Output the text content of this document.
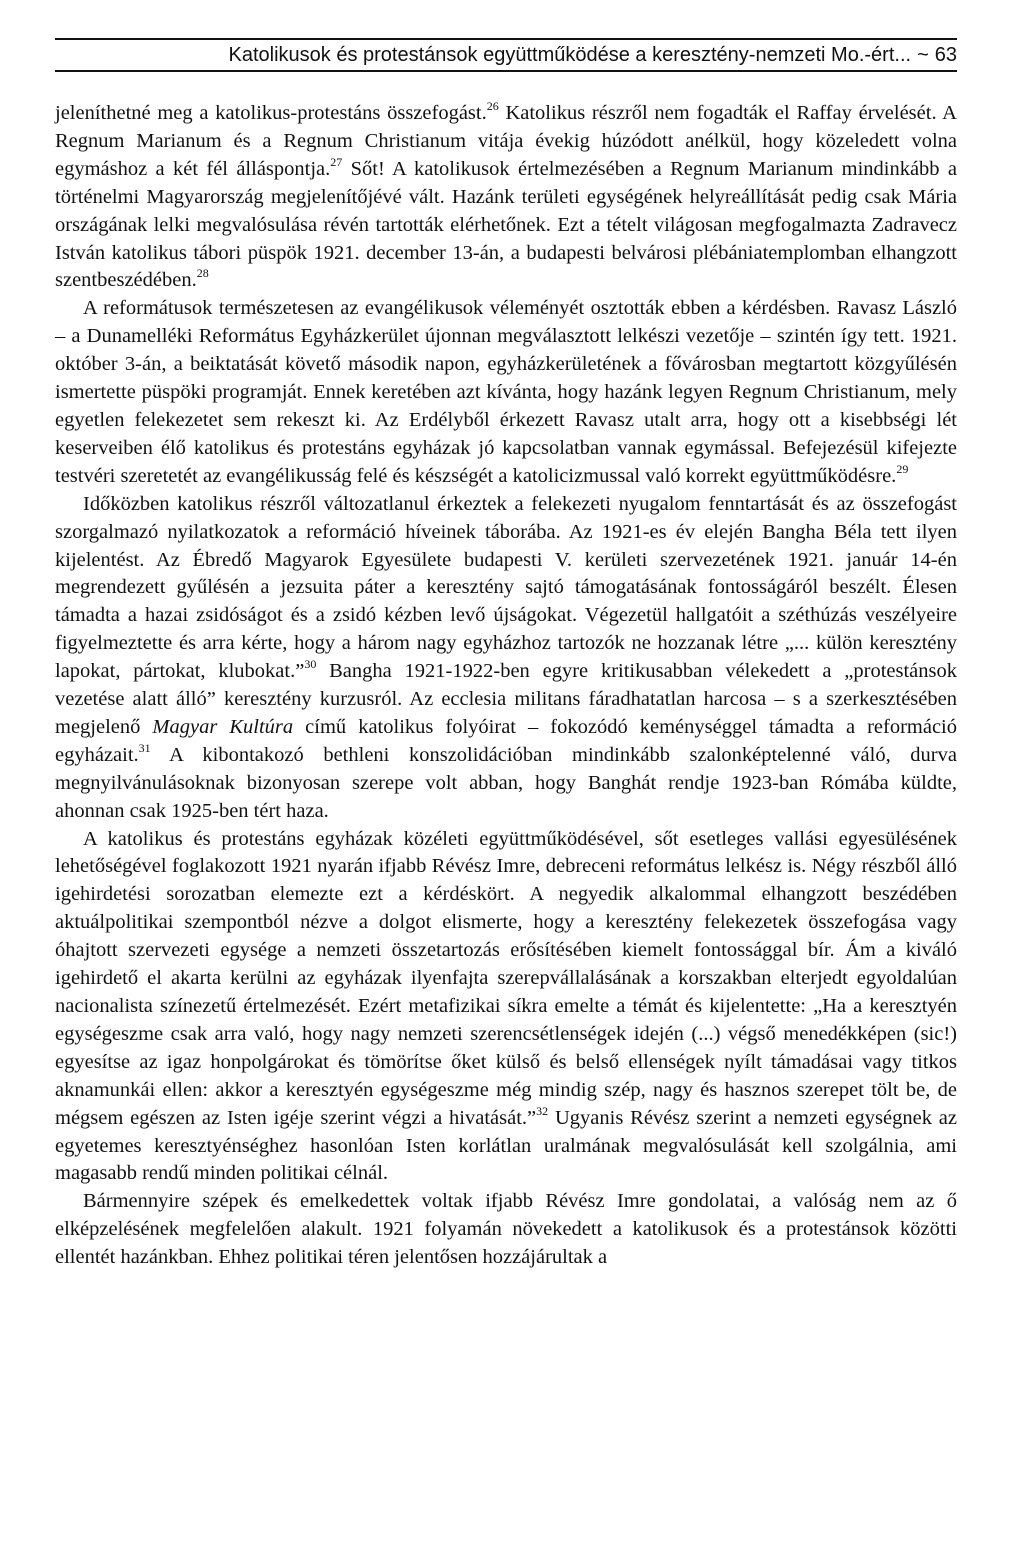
Katolikusok és protestánsok együttműködése a keresztény-nemzeti Mo.-ért... ~ 63

jeleníthetné meg a katolikus-protestáns összefogást.$^{26}$ Katolikus részről nem fogadták el Raffay érvelését. A Regnum Marianum és a Regnum Christianum vitája évekig húzódott anélkül, hogy közeledett volna egymáshoz a két fél álláspontja.$^{27}$ Sőt! A katolikusok értelmezésében a Regnum Marianum mindinkább a történelmi Magyarország megjelenítőjévé vált. Hazánk területi egységének helyreállítását pedig csak Mária országának lelki megvalósulása révén tartották elérhetőnek. Ezt a tételt világosan megfogalmazta Zadravecz István katolikus tábori püspök 1921. december 13-án, a budapesti belvárosi plébániatemplomban elhangzott szentbeszédében.$^{28}$

A reformátusok természetesen az evangélikusok véleményét osztották ebben a kérdésben. Ravasz László – a Dunamelléki Református Egyházkerület újonnan megválasztott lelkészi vezetője – szintén így tett. 1921. október 3-án, a beiktatását követő második napon, egyházkerületének a fővárosban megtartott közgyűlésén ismertette püspöki programját. Ennek keretében azt kívánta, hogy hazánk legyen Regnum Christianum, mely egyetlen felekezetet sem rekeszt ki. Az Erdélyből érkezett Ravasz utalt arra, hogy ott a kisebbségi lét keserveiben élő katolikus és protestáns egyházak jó kapcsolatban vannak egymással. Befejezésül kifejezte testvéri szeretetét az evangélikusság felé és készségét a katolicizmussal való korrekt együttműködésre.$^{29}$

Időközben katolikus részről változatlanul érkeztek a felekezeti nyugalom fenntartását és az összefogást szorgalmazó nyilatkozatok a reformáció híveinek táborába. Az 1921-es év elején Bangha Béla tett ilyen kijelentést. Az Ébredő Magyarok Egyesülete budapesti V. kerületi szervezetének 1921. január 14-én megrendezett gyűlésén a jezsuita páter a keresztény sajtó támogatásának fontosságáról beszélt. Élesen támadta a hazai zsidóságot és a zsidó kézben levő újságokat. Végezetül hallgatóit a széthúzás veszélyeire figyelmeztette és arra kérte, hogy a három nagy egyházhoz tartozók ne hozzanak létre „... külön keresztény lapokat, pártokat, klubokat.”$^{30}$ Bangha 1921-1922-ben egyre kritikusabban vélekedett a „protestánsok vezetése alatt álló” keresztény kurzusról. Az ecclesia militans fáradhatatlan harcosa – s a szerkesztésében megjelenő Magyar Kultúra című katolikus folyóirat – fokozódó keménységgel támadta a reformáció egyházait.$^{31}$ A kibontakozó bethleni konszolidációban mindinkább szalonképtelenné váló, durva megnyilvánulásoknak bizonyosan szerepe volt abban, hogy Banghát rendje 1923-ban Rómába küldte, ahonnan csak 1925-ben tért haza.

A katolikus és protestáns egyházak közéleti együttműködésével, sőt esetleges vallási egyesülésének lehetőségével foglakozott 1921 nyarán ifjabb Révész Imre, debreceni református lelkész is. Négy részből álló igehirdetési sorozatban elemezte ezt a kérdéskört. A negyedik alkalommal elhangzott beszédében aktuálpolitikai szempontból nézve a dolgot elismerte, hogy a keresztény felekezetek összefogása vagy óhajtott szervezeti egysége a nemzeti összetartozás erősítésében kiemelt fontossággal bír. Ám a kiváló igehirdető el akarta kerülni az egyházak ilyenfajta szerepvállalásának a korszakban elterjedt egyoldalúan nacionalista színezetű értelmezését. Ezért metafizikai síkra emelte a témát és kijelentette: „Ha a keresztyén egységeszme csak arra való, hogy nagy nemzeti szerencsétlenségek idején (...) végső menedékképen (sic!) egyesítse az igaz honpolgárokat és tömörítse őket külső és belső ellenségek nyílt támadásai vagy titkos aknamunkái ellen: akkor a keresztyén egységeszme még mindig szép, nagy és hasznos szerepet tölt be, de mégsem egészen az Isten igéje szerint végzi a hivatását.”$^{32}$ Ugyanis Révész szerint a nemzeti egységnek az egyetemes keresztyénséghez hasonlóan Isten korlátlan uralmának megvalósulását kell szolgálnia, ami magasabb rendű minden politikai célnál.

Bármennyire szépek és emelkedettek voltak ifjabb Révész Imre gondolatai, a valóság nem az ő elképzelésének megfelelően alakult. 1921 folyamán növekedett a katolikusok és a protestánsok közötti ellentét hazánkban. Ehhez politikai téren jelentősen hozzájárultak a
